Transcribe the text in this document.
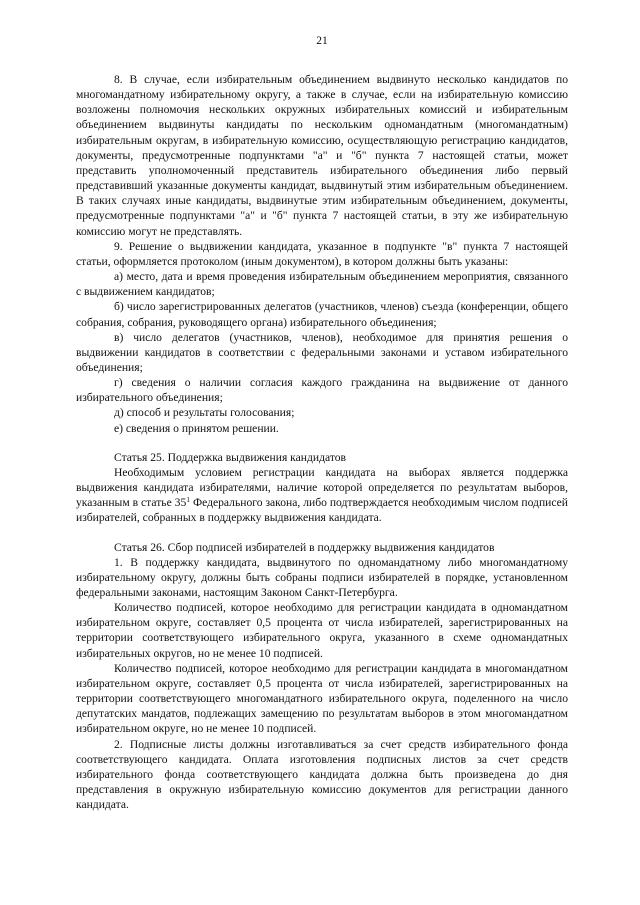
21

8. В случае, если избирательным объединением выдвинуто несколько кандидатов по многомандатному избирательному округу, а также в случае, если на избирательную комиссию возложены полномочия нескольких окружных избирательных комиссий и избирательным объединением выдвинуты кандидаты по нескольким одномандатным (многомандатным) избирательным округам, в избирательную комиссию, осуществляющую регистрацию кандидатов, документы, предусмотренные подпунктами "а" и "б" пункта 7 настоящей статьи, может представить уполномоченный представитель избирательного объединения либо первый представивший указанные документы кандидат, выдвинутый этим избирательным объединением. В таких случаях иные кандидаты, выдвинутые этим избирательным объединением, документы, предусмотренные подпунктами "а" и "б" пункта 7 настоящей статьи, в эту же избирательную комиссию могут не представлять.

9. Решение о выдвижении кандидата, указанное в подпункте "в" пункта 7 настоящей статьи, оформляется протоколом (иным документом), в котором должны быть указаны:

а) место, дата и время проведения избирательным объединением мероприятия, связанного с выдвижением кандидатов;

б) число зарегистрированных делегатов (участников, членов) съезда (конференции, общего собрания, собрания, руководящего органа) избирательного объединения;

в) число делегатов (участников, членов), необходимое для принятия решения о выдвижении кандидатов в соответствии с федеральными законами и уставом избирательного объединения;

г) сведения о наличии согласия каждого гражданина на выдвижение от данного избирательного объединения;

д) способ и результаты голосования;

е) сведения о принятом решении.

Статья 25. Поддержка выдвижения кандидатов

Необходимым условием регистрации кандидата на выборах является поддержка выдвижения кандидата избирателями, наличие которой определяется по результатам выборов, указанным в статье $35^1$ Федерального закона, либо подтверждается необходимым числом подписей избирателей, собранных в поддержку выдвижения кандидата.

Статья 26. Сбор подписей избирателей в поддержку выдвижения кандидатов

1. В поддержку кандидата, выдвинутого по одномандатному либо многомандатному избирательному округу, должны быть собраны подписи избирателей в порядке, установленном федеральными законами, настоящим Законом Санкт-Петербурга.

Количество подписей, которое необходимо для регистрации кандидата в одномандатном избирательном округе, составляет 0,5 процента от числа избирателей, зарегистрированных на территории соответствующего избирательного округа, указанного в схеме одномандатных избирательных округов, но не менее 10 подписей.

Количество подписей, которое необходимо для регистрации кандидата в многомандатном избирательном округе, составляет 0,5 процента от числа избирателей, зарегистрированных на территории соответствующего многомандатного избирательного округа, поделенного на число депутатских мандатов, подлежащих замещению по результатам выборов в этом многомандатном избирательном округе, но не менее 10 подписей.

2. Подписные листы должны изготавливаться за счет средств избирательного фонда соответствующего кандидата. Оплата изготовления подписных листов за счет средств избирательного фонда соответствующего кандидата должна быть произведена до дня представления в окружную избирательную комиссию документов для регистрации данного кандидата.
